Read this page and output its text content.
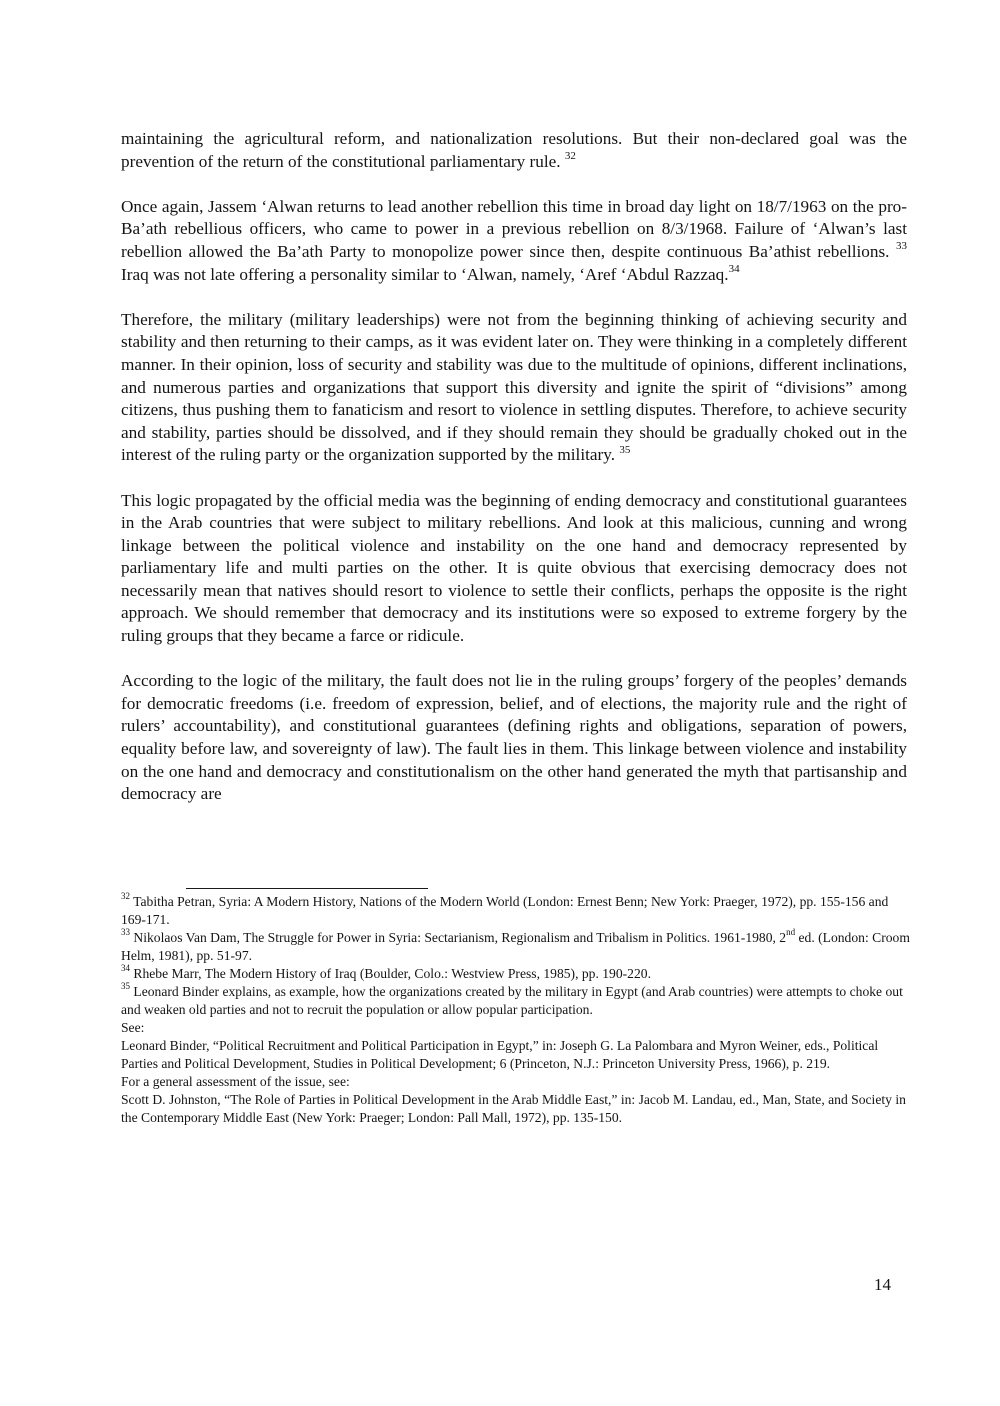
maintaining the agricultural reform, and nationalization resolutions. But their non-declared goal was the prevention of the return of the constitutional parliamentary rule. $^{32}$

Once again, Jassem ‘Alwan returns to lead another rebellion this time in broad day light on 18/7/1963 on the pro-Ba’ath rebellious officers, who came to power in a previous rebellion on 8/3/1968. Failure of ‘Alwan’s last rebellion allowed the Ba’ath Party to monopolize power since then, despite continuous Ba’athist rebellions. $^{33}$ Iraq was not late offering a personality similar to ‘Alwan, namely, ‘Aref ‘Abdul Razzaq.$^{34}$

Therefore, the military (military leaderships) were not from the beginning thinking of achieving security and stability and then returning to their camps, as it was evident later on. They were thinking in a completely different manner. In their opinion, loss of security and stability was due to the multitude of opinions, different inclinations, and numerous parties and organizations that support this diversity and ignite the spirit of “divisions” among citizens, thus pushing them to fanaticism and resort to violence in settling disputes. Therefore, to achieve security and stability, parties should be dissolved, and if they should remain they should be gradually choked out in the interest of the ruling party or the organization supported by the military. $^{35}$

This logic propagated by the official media was the beginning of ending democracy and constitutional guarantees in the Arab countries that were subject to military rebellions. And look at this malicious, cunning and wrong linkage between the political violence and instability on the one hand and democracy represented by parliamentary life and multi parties on the other. It is quite obvious that exercising democracy does not necessarily mean that natives should resort to violence to settle their conflicts, perhaps the opposite is the right approach. We should remember that democracy and its institutions were so exposed to extreme forgery by the ruling groups that they became a farce or ridicule.

According to the logic of the military, the fault does not lie in the ruling groups’ forgery of the peoples’ demands for democratic freedoms (i.e. freedom of expression, belief, and of elections, the majority rule and the right of rulers’ accountability), and constitutional guarantees (defining rights and obligations, separation of powers, equality before law, and sovereignty of law). The fault lies in them. This linkage between violence and instability on the one hand and democracy and constitutionalism on the other hand generated the myth that partisanship and democracy are

$^{32}$ Tabitha Petran, Syria: A Modern History, Nations of the Modern World (London: Ernest Benn; New York: Praeger, 1972), pp. 155-156 and 169-171.

$^{33}$ Nikolaos Van Dam, The Struggle for Power in Syria: Sectarianism, Regionalism and Tribalism in Politics. 1961-1980, 2nd ed. (London: Croom Helm, 1981), pp. 51-97.

$^{34}$ Rhebe Marr, The Modern History of Iraq (Boulder, Colo.: Westview Press, 1985), pp. 190-220.

$^{35}$ Leonard Binder explains, as example, how the organizations created by the military in Egypt (and Arab countries) were attempts to choke out and weaken old parties and not to recruit the population or allow popular participation.

See:

Leonard Binder, “Political Recruitment and Political Participation in Egypt,” in: Joseph G. La Palombara and Myron Weiner, eds., Political Parties and Political Development, Studies in Political Development; 6 (Princeton, N.J.: Princeton University Press, 1966), p. 219.

For a general assessment of the issue, see:

Scott D. Johnston, “The Role of Parties in Political Development in the Arab Middle East,” in: Jacob M. Landau, ed., Man, State, and Society in the Contemporary Middle East (New York: Praeger; London: Pall Mall, 1972), pp. 135-150.

14
